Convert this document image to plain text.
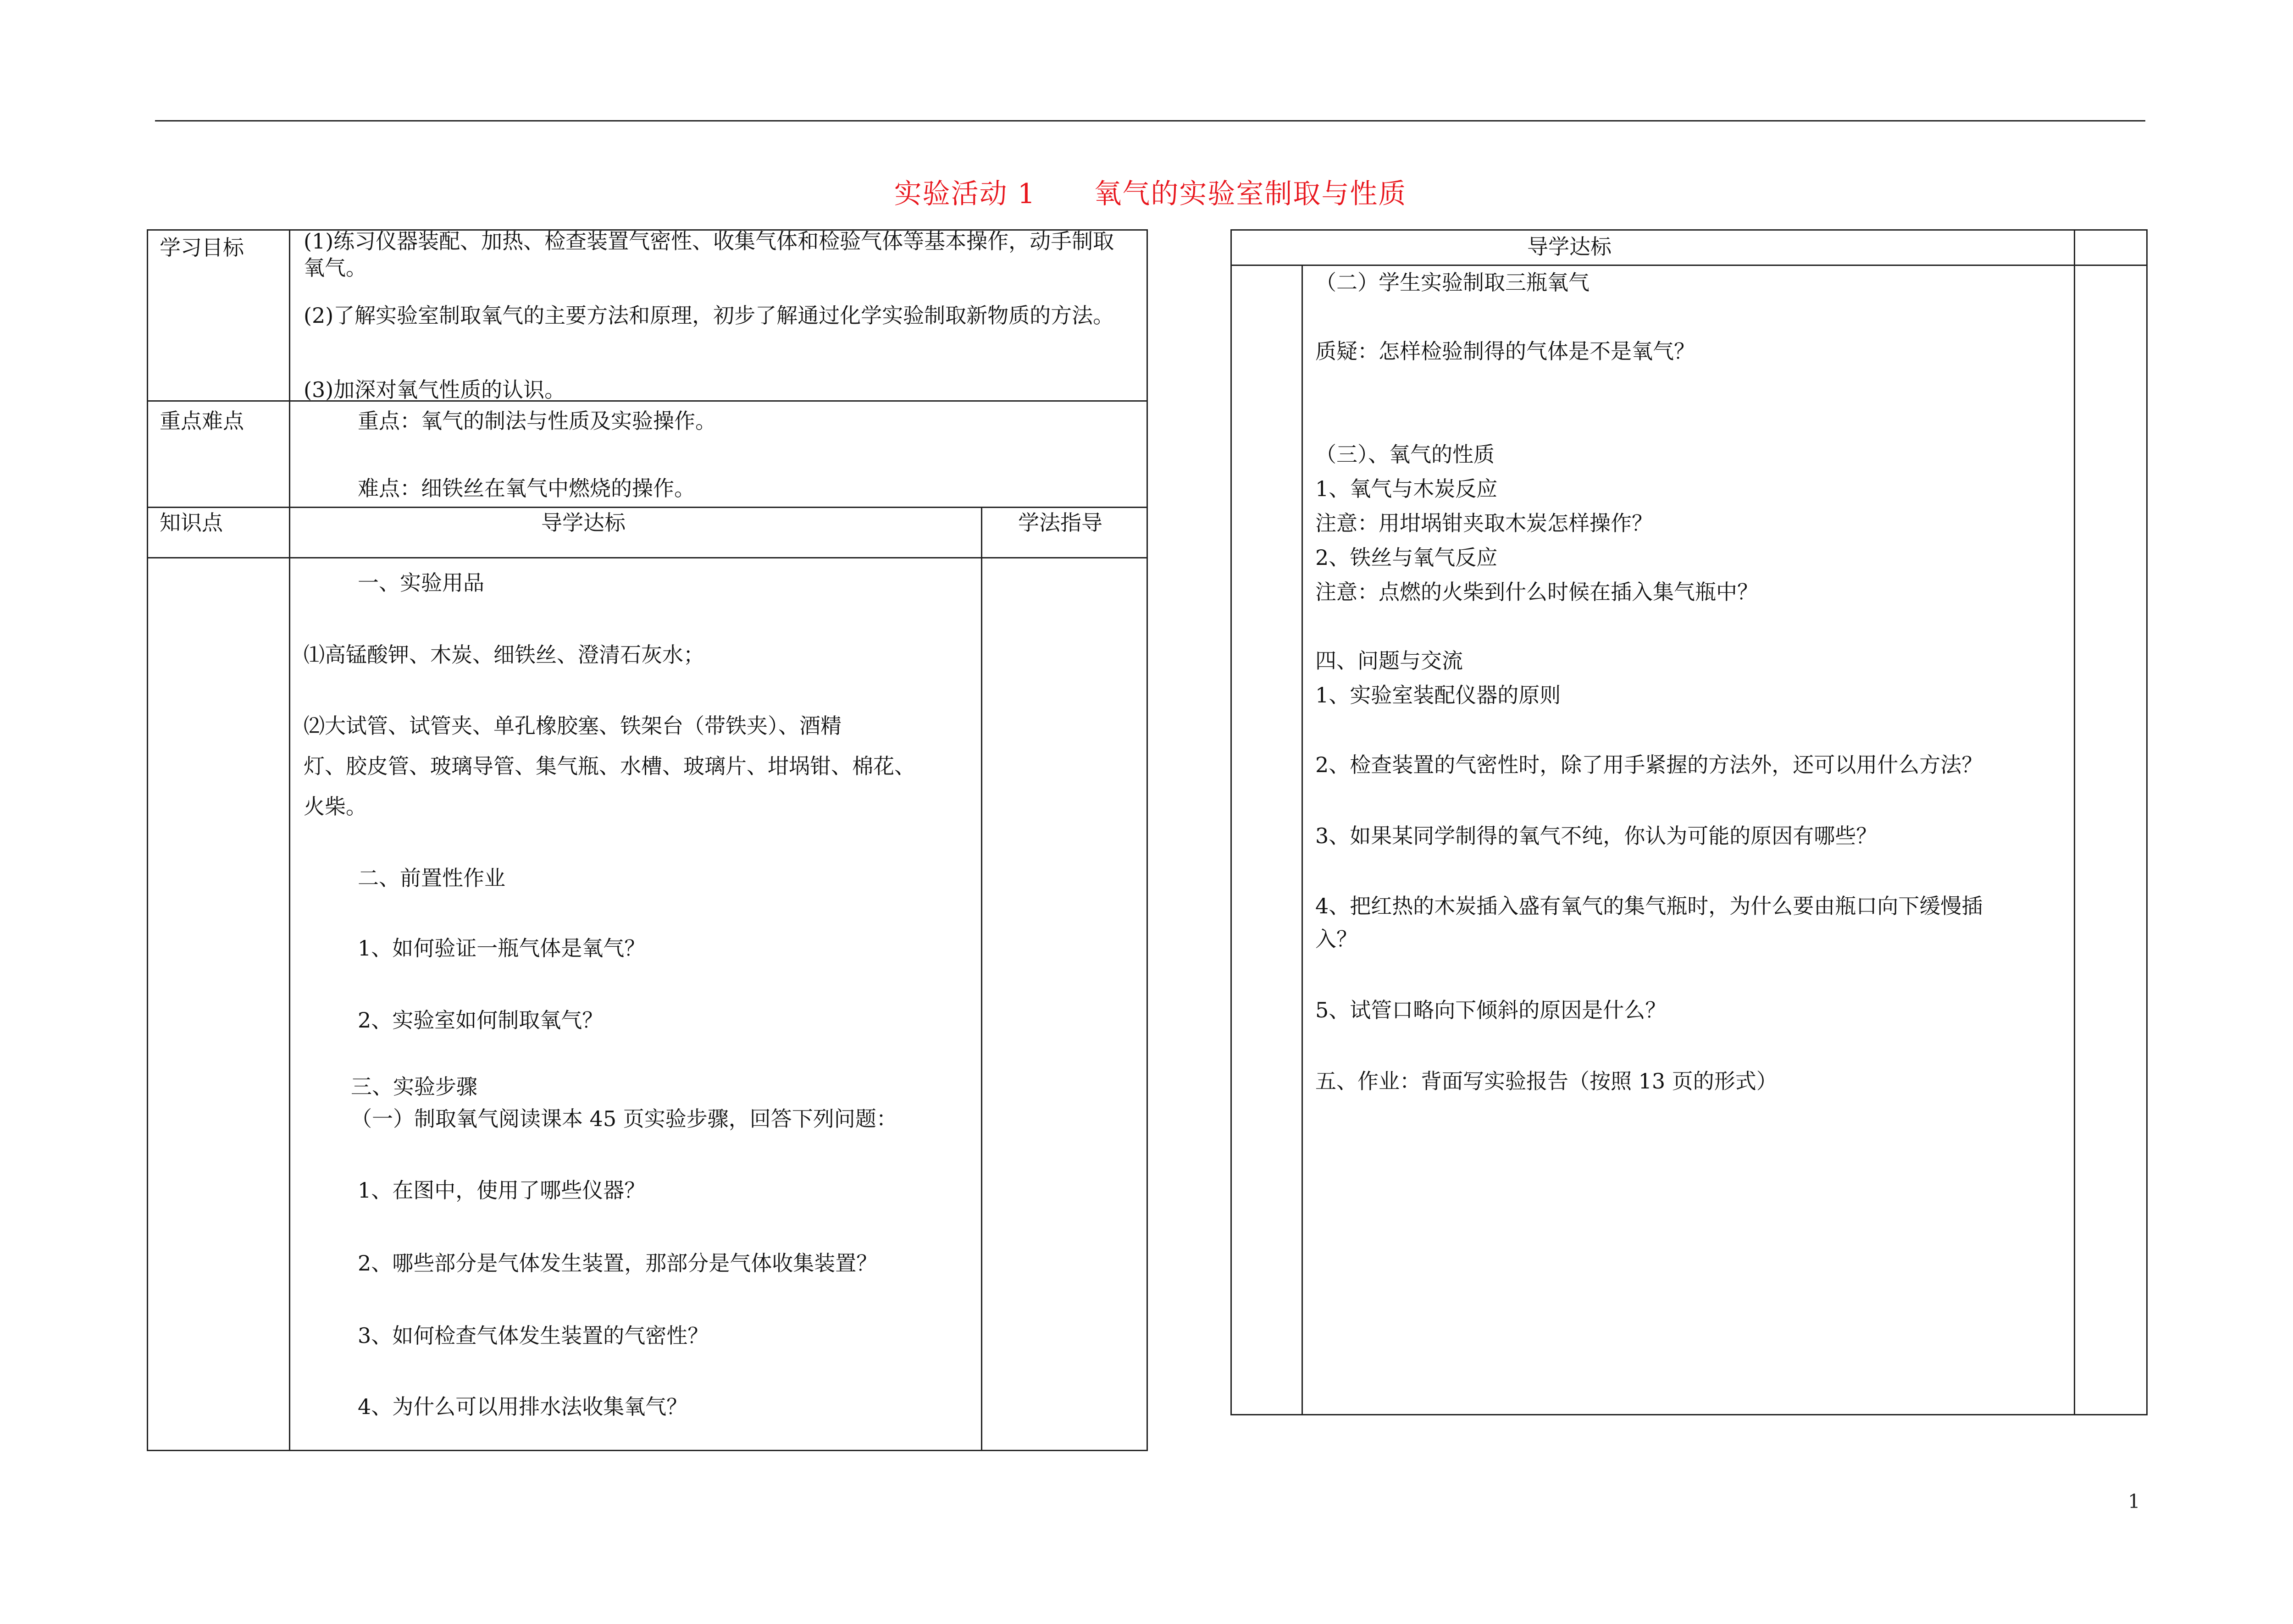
实验活动 1      氧气的实验室制取与性质
学习目标	(1)练习仪器装配、加热、检查装置气密性、收集气体和检验气体等基本操作，动手制取氧气。
(2)了解实验室制取氧气的主要方法和原理，初步了解通过化学实验制取新物质的方法。
(3)加深对氧气性质的认识。
重点难点	重点：氧气的制法与性质及实验操作。
难点：细铁丝在氧气中燃烧的操作。
知识点	导学达标	学法指导
一、实验用品
⑴高锰酸钾、木炭、细铁丝、澄清石灰水；
⑵大试管、试管夹、单孔橡胶塞、铁架台（带铁夹）、酒精
灯、胶皮管、玻璃导管、集气瓶、水槽、玻璃片、坩埚钳、棉花、
火柴。
二、前置性作业
1、如何验证一瓶气体是氧气？
2、实验室如何制取氧气？
三、实验步骤
（一）制取氧气阅读课本 45 页实验步骤，回答下列问题：
1、在图中，使用了哪些仪器？
2、哪些部分是气体发生装置，那部分是气体收集装置？
3、如何检查气体发生装置的气密性？
4、为什么可以用排水法收集氧气？
导学达标
（二）学生实验制取三瓶氧气
质疑：怎样检验制得的气体是不是氧气？
（三）、氧气的性质
1、氧气与木炭反应
注意：用坩埚钳夹取木炭怎样操作？
2、铁丝与氧气反应
注意：点燃的火柴到什么时候在插入集气瓶中？
四、问题与交流
1、实验室装配仪器的原则
2、检查装置的气密性时，除了用手紧握的方法外，还可以用什么方法？
3、如果某同学制得的氧气不纯，你认为可能的原因有哪些？
4、把红热的木炭插入盛有氧气的集气瓶时，为什么要由瓶口向下缓慢插
入？
5、试管口略向下倾斜的原因是什么？
五、作业：背面写实验报告（按照 13 页的形式）
1
